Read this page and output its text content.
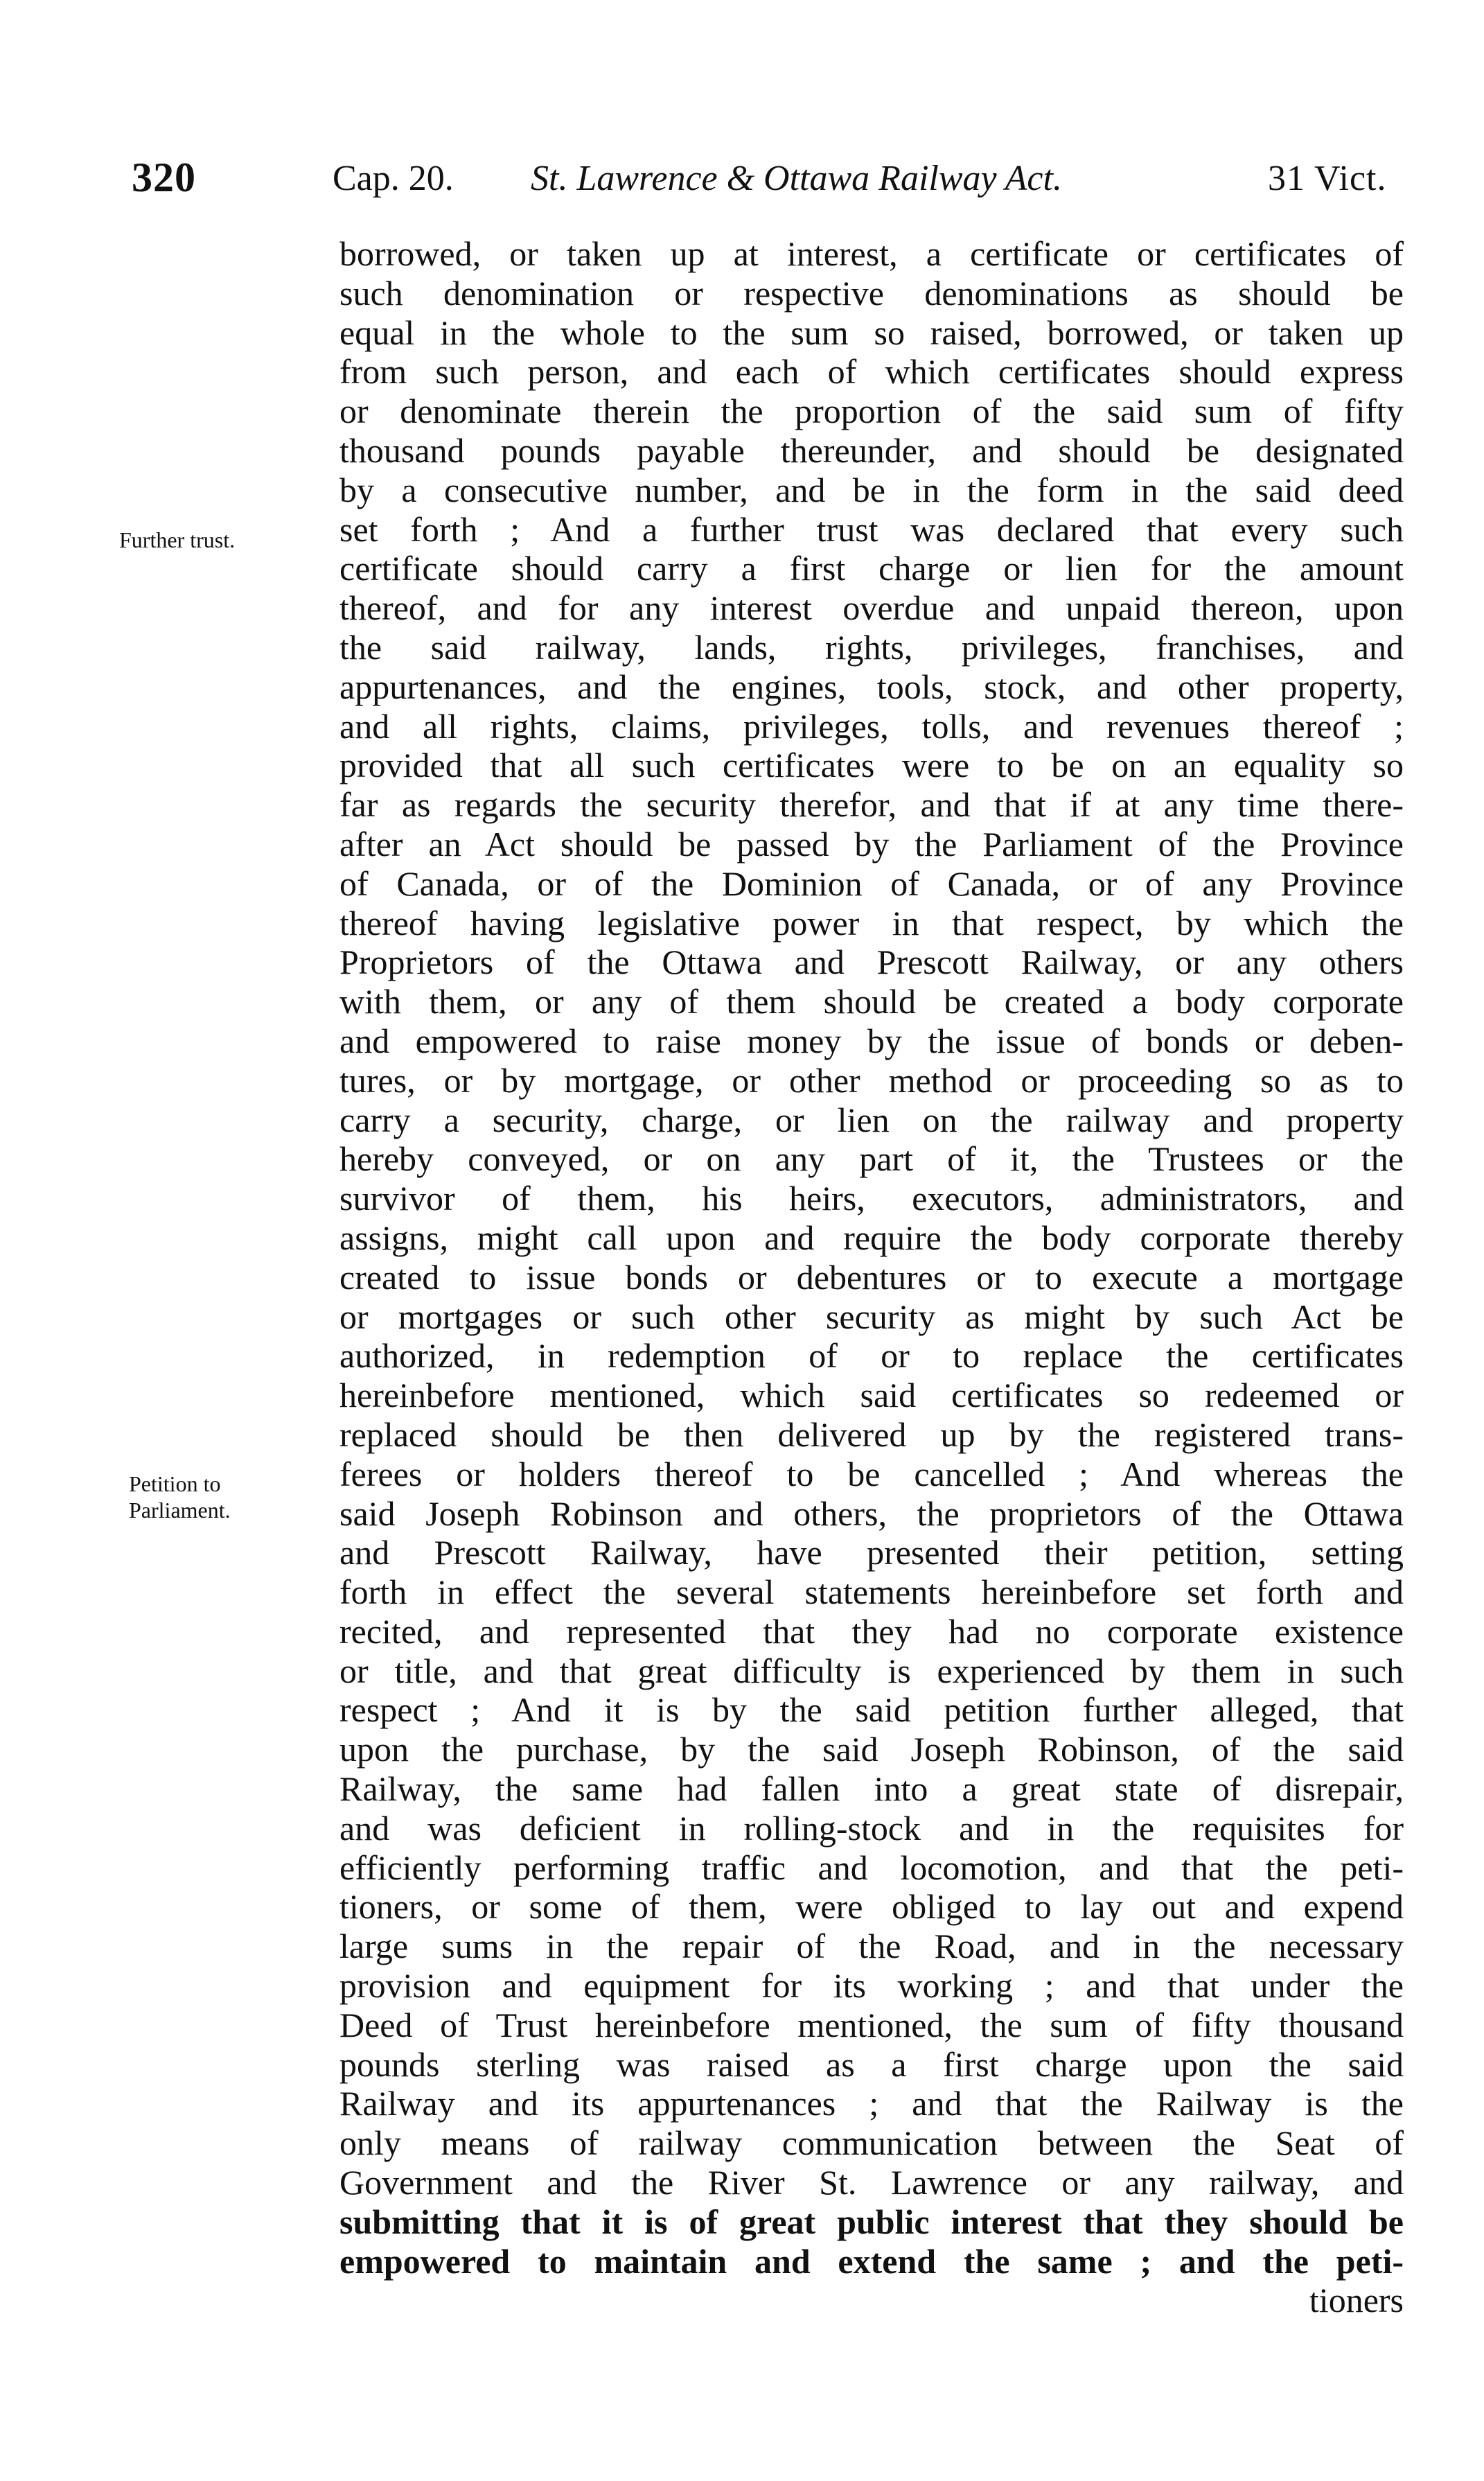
320	Cap. 20. St. Lawrence & Ottawa Railway Act.	31 Vict.
Further trust.
Petition to
Parliament.
borrowed, or taken up at interest, a certificate or certificates of
such denomination or respective denominations as should be
equal in the whole to the sum so raised, borrowed, or taken up
from such person, and each of which certificates should express
or denominate therein the proportion of the said sum of fifty
thousand pounds payable thereunder, and should be designated
by a consecutive number, and be in the form in the said deed
set forth ; And a further trust was declared that every such
certificate should carry a first charge or lien for the amount
thereof, and for any interest overdue and unpaid thereon, upon
the said railway, lands, rights, privileges, franchises, and
appurtenances, and the engines, tools, stock, and other property,
and all rights, claims, privileges, tolls, and revenues thereof ;
provided that all such certificates were to be on an equality so
far as regards the security therefor, and that if at any time there-
after an Act should be passed by the Parliament of the Province
of Canada, or of the Dominion of Canada, or of any Province
thereof having legislative power in that respect, by which the
Proprietors of the Ottawa and Prescott Railway, or any others
with them, or any of them should be created a body corporate
and empowered to raise money by the issue of bonds or deben-
tures, or by mortgage, or other method or proceeding so as to
carry a security, charge, or lien on the railway and property
hereby conveyed, or on any part of it, the Trustees or the
survivor of them, his heirs, executors, administrators, and
assigns, might call upon and require the body corporate thereby
created to issue bonds or debentures or to execute a mortgage
or mortgages or such other security as might by such Act be
authorized, in redemption of or to replace the certificates
hereinbefore mentioned, which said certificates so redeemed or
replaced should be then delivered up by the registered trans-
ferees or holders thereof to be cancelled ; And whereas the
said Joseph Robinson and others, the proprietors of the Ottawa
and Prescott Railway, have presented their petition, setting
forth in effect the several statements hereinbefore set forth and
recited, and represented that they had no corporate existence
or title, and that great difficulty is experienced by them in such
respect ; And it is by the said petition further alleged, that
upon the purchase, by the said Joseph Robinson, of the said
Railway, the same had fallen into a great state of disrepair,
and was deficient in rolling-stock and in the requisites for
efficiently performing traffic and locomotion, and that the peti-
tioners, or some of them, were obliged to lay out and expend
large sums in the repair of the Road, and in the necessary
provision and equipment for its working ; and that under the
Deed of Trust hereinbefore mentioned, the sum of fifty thousand
pounds sterling was raised as a first charge upon the said
Railway and its appurtenances ; and that the Railway is the
only means of railway communication between the Seat of
Government and the River St. Lawrence or any railway, and
submitting that it is of great public interest that they should be
empowered to maintain and extend the same ; and the peti-
tioners
